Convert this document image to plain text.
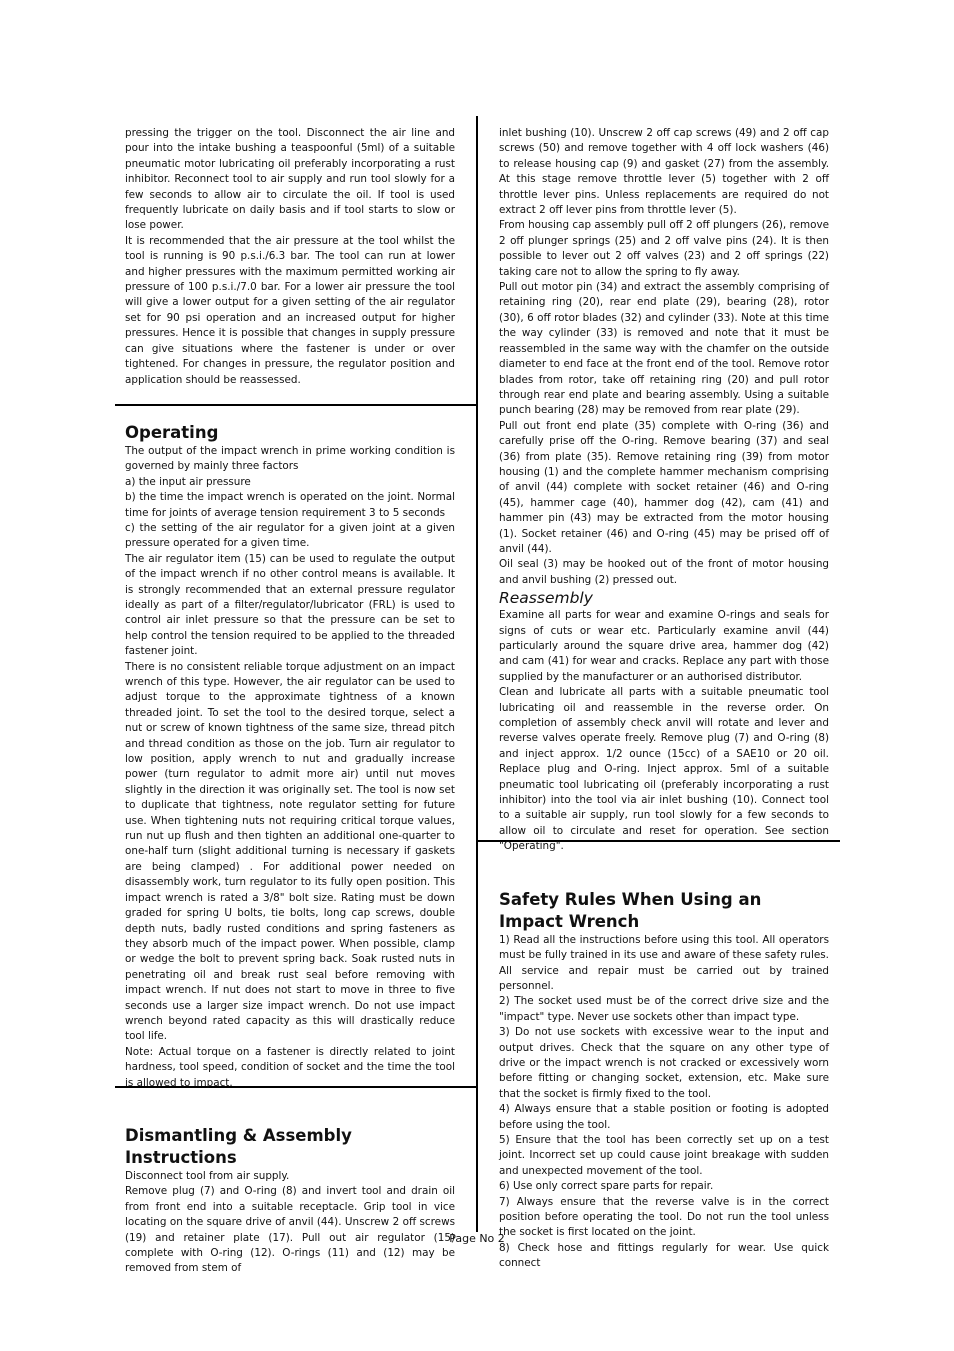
pressing the trigger on the tool. Disconnect the air line and pour into the intake bushing a teaspoonful (5ml) of a suitable pneumatic motor lubricating oil preferably incorporating a rust inhibitor. Reconnect tool to air supply and run tool slowly for a few seconds to allow air to circulate the oil. If tool is used frequently lubricate on daily basis and if tool starts to slow or lose power.

It is recommended that the air pressure at the tool whilst the tool is running is 90 p.s.i./6.3 bar. The tool can run at lower and higher pressures with the maximum permitted working air pressure of 100 p.s.i./7.0 bar. For a lower air pressure the tool will give a lower output for a given setting of the air regulator set for 90 psi operation and an increased output for higher pressures. Hence it is possible that changes in supply pressure can give situations where the fastener is under or over tightened. For changes in pressure, the regulator position and application should be reassessed.

Operating

The output of the impact wrench in prime working condition is governed by mainly three factors

a) the input air pressure

b) the time the impact wrench is operated on the joint. Normal time for joints of average tension requirement 3 to 5 seconds

c) the setting of the air regulator for a given joint at a given pressure operated for a given time.

The air regulator item (15) can be used to regulate the output of the impact wrench if no other control means is available. It is strongly recommended that an external pressure regulator ideally as part of a filter/regulator/lubricator (FRL) is used to control air inlet pressure so that the pressure can be set to help control the tension required to be applied to the threaded fastener joint.

There is no consistent reliable torque adjustment on an impact wrench of this type. However, the air regulator can be used to adjust torque to the approximate tightness of a known threaded joint. To set the tool to the desired torque, select a nut or screw of known tightness of the same size, thread pitch and thread condition as those on the job. Turn air regulator to low position, apply wrench to nut and gradually increase power (turn regulator to admit more air) until nut moves slightly in the direction it was originally set. The tool is now set to duplicate that tightness, note regulator setting for future use. When tightening nuts not requiring critical torque values, run nut up flush and then tighten an additional one-quarter to one-half turn (slight additional turning is necessary if gaskets are being clamped) . For additional power needed on disassembly work, turn regulator to its fully open position. This impact wrench is rated a 3/8" bolt size. Rating must be down graded for spring U bolts, tie bolts, long cap screws, double depth nuts, badly rusted conditions and spring fasteners as they absorb much of the impact power. When possible, clamp or wedge the bolt to prevent spring back. Soak rusted nuts in penetrating oil and break rust seal before removing with impact wrench. If nut does not start to move in three to five seconds use a larger size impact wrench. Do not use impact wrench beyond rated capacity as this will drastically reduce tool life.

Note: Actual torque on a fastener is directly related to joint hardness, tool speed, condition of socket and the time the tool is allowed to impact.

Dismantling & Assembly Instructions

Disconnect tool from air supply.

Remove plug (7) and O-ring (8) and invert tool and drain oil from front end into a suitable receptacle. Grip tool in vice locating on the square drive of anvil (44). Unscrew 2 off screws (19) and retainer plate (17). Pull out air regulator (15) complete with O-ring (12). O-rings (11) and (12) may be removed from stem of

inlet bushing (10). Unscrew 2 off cap screws (49) and 2 off cap screws (50) and remove together with 4 off lock washers (46) to release housing cap (9) and gasket (27) from the assembly. At this stage remove throttle lever (5) together with 2 off throttle lever pins. Unless replacements are required do not extract 2 off lever pins from throttle lever (5).

From housing cap assembly pull off 2 off plungers (26), remove 2 off plunger springs (25) and 2 off valve pins (24). It is then possible to lever out 2 off valves (23) and 2 off springs (22) taking care not to allow the spring to fly away.

Pull out motor pin (34) and extract the assembly comprising of retaining ring (20), rear end plate (29), bearing (28), rotor (30), 6 off rotor blades (32) and cylinder (33). Note at this time the way cylinder (33) is removed and note that it must be reassembled in the same way with the chamfer on the outside diameter to end face at the front end of the tool. Remove rotor blades from rotor, take off retaining ring (20) and pull rotor through rear end plate and bearing assembly. Using a suitable punch bearing (28) may be removed from rear plate (29).

Pull out front end plate (35) complete with O-ring (36) and carefully prise off the O-ring. Remove bearing (37) and seal (36) from plate (35). Remove retaining ring (39) from motor housing (1) and the complete hammer mechanism comprising of anvil (44) complete with socket retainer (46) and O-ring (45), hammer cage (40), hammer dog (42), cam (41) and hammer pin (43) may be extracted from the motor housing (1). Socket retainer (46) and O-ring (45) may be prised off of anvil (44).

Oil seal (3) may be hooked out of the front of motor housing and anvil bushing (2) pressed out.

Reassembly

Examine all parts for wear and examine O-rings and seals for signs of cuts or wear etc. Particularly examine anvil (44) particularly around the square drive area, hammer dog (42) and cam (41) for wear and cracks. Replace any part with those supplied by the manufacturer or an authorised distributor.

Clean and lubricate all parts with a suitable pneumatic tool lubricating oil and reassemble in the reverse order. On completion of assembly check anvil will rotate and lever and reverse valves operate freely. Remove plug (7) and O-ring (8) and inject approx. 1/2 ounce (15cc) of a SAE10 or 20 oil. Replace plug and O-ring. Inject approx. 5ml of a suitable pneumatic tool lubricating oil (preferably incorporating a rust inhibitor) into the tool via air inlet bushing (10). Connect tool to a suitable air supply, run tool slowly for a few seconds to allow oil to circulate and reset for operation. See section "Operating".

Safety Rules When Using an Impact Wrench

1) Read all the instructions before using this tool. All operators must be fully trained in its use and aware of these safety rules. All service and repair must be carried out by trained personnel.

2) The socket used must be of the correct drive size and the "impact" type. Never use sockets other than impact type.

3) Do not use sockets with excessive wear to the input and output drives. Check that the square on any other type of drive or the impact wrench is not cracked or excessively worn before fitting or changing socket, extension, etc. Make sure that the socket is firmly fixed to the tool.

4) Always ensure that a stable position or footing is adopted before using the tool.

5) Ensure that the tool has been correctly set up on a test joint. Incorrect set up could cause joint breakage with sudden and unexpected movement of the tool.

6) Use only correct spare parts for repair.

7) Always ensure that the reverse valve is in the correct position before operating the tool. Do not run the tool unless the socket is first located on the joint.

8) Check hose and fittings regularly for wear. Use quick connect

Page No 2
